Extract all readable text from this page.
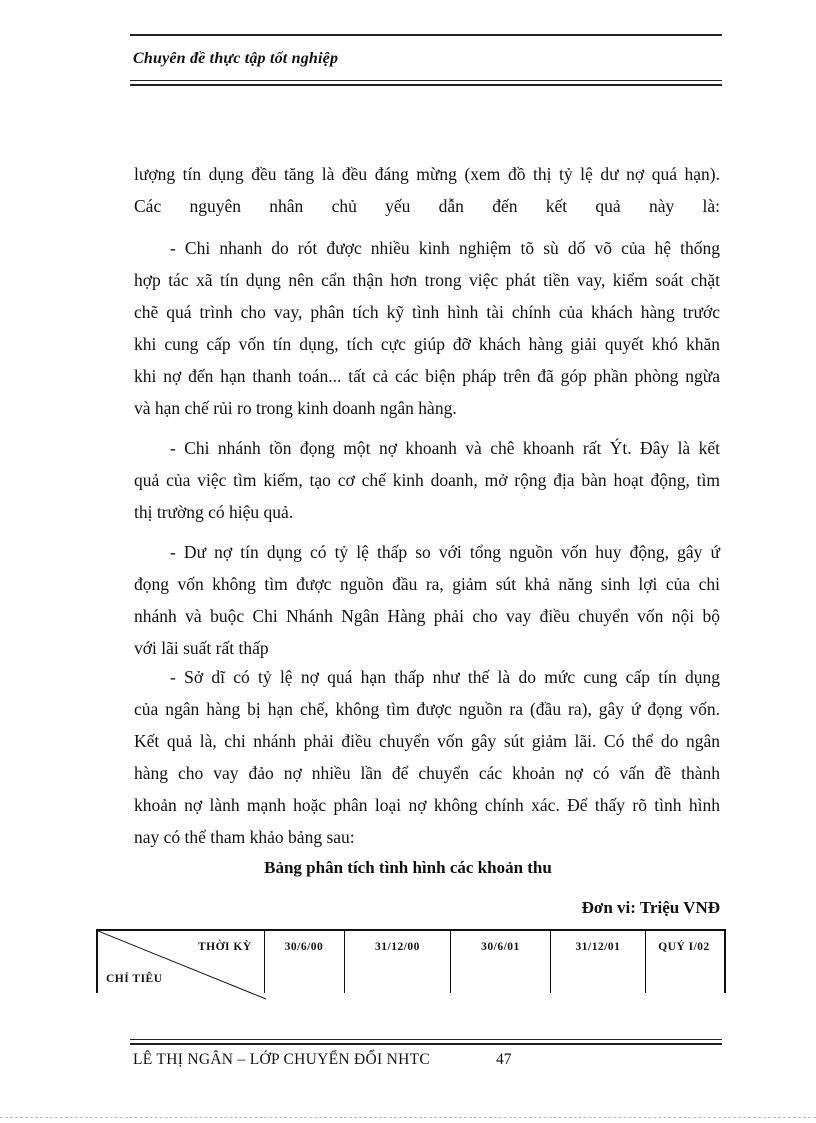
Chuyên đề thực tập tốt nghiệp
lượng tín dụng đều tăng là đều đáng mừng (xem đồ thị tỷ lệ dư nợ quá hạn).
Các nguyên nhân chủ yếu dẫn đến kết quả này là:
- Chi nhanh do rót được nhiều kinh nghiệm tõ sù dố võ của hệ thống
hợp tác xã tín dụng nên cẩn thận hơn trong việc phát tiền vay, kiểm soát chặt
chẽ quá trình cho vay, phân tích kỹ tình hình tài chính của khách hàng trước
khi cung cấp vốn tín dụng, tích cực giúp đỡ khách hàng giải quyết khó khăn
khi nợ đến hạn thanh toán... tất cả các biện pháp trên đã góp phần phòng ngừa
và hạn chế rủi ro trong kinh doanh ngân hàng.
- Chi nhánh tồn đọng một nợ khoanh và chê khoanh rất Ýt. Đây là kết
quả của việc tìm kiếm, tạo cơ chế kinh doanh, mở rộng địa bàn hoạt động, tìm
thị trường có hiệu quả.
- Dư nợ tín dụng có tỷ lệ thấp so với tổng nguồn vốn huy động, gây ứ
đọng vốn không tìm được nguồn đầu ra, giảm sút khả năng sinh lợi của chi
nhánh và buộc Chi Nhánh Ngân Hàng phải cho vay điều chuyển vốn nội bộ
với lãi suất rất thấp
- Sở dĩ có tỷ lệ nợ quá hạn thấp như thế là do mức cung cấp tín dụng
của ngân hàng bị hạn chế, không tìm được nguồn ra (đầu ra), gây ứ đọng vốn.
Kết quả là, chi nhánh phải điều chuyển vốn gây sút giảm lãi. Có thể do ngân
hàng cho vay đảo nợ nhiều lần để chuyển các khoản nợ có vấn đề thành
khoản nợ lành mạnh hoặc phân loại nợ không chính xác. Để thấy rõ tình hình
nay có thể tham khảo bảng sau:
Bảng phân tích tình hình các khoản thu
Đơn vi: Triệu VNĐ
THỜI KỲ
CHỈ TIÊU
30/6/00	31/12/00	30/6/01	31/12/01	QUÝ I/02
LÊ THỊ NGÂN – LỚP CHUYỂN ĐỔI NHTC	47
